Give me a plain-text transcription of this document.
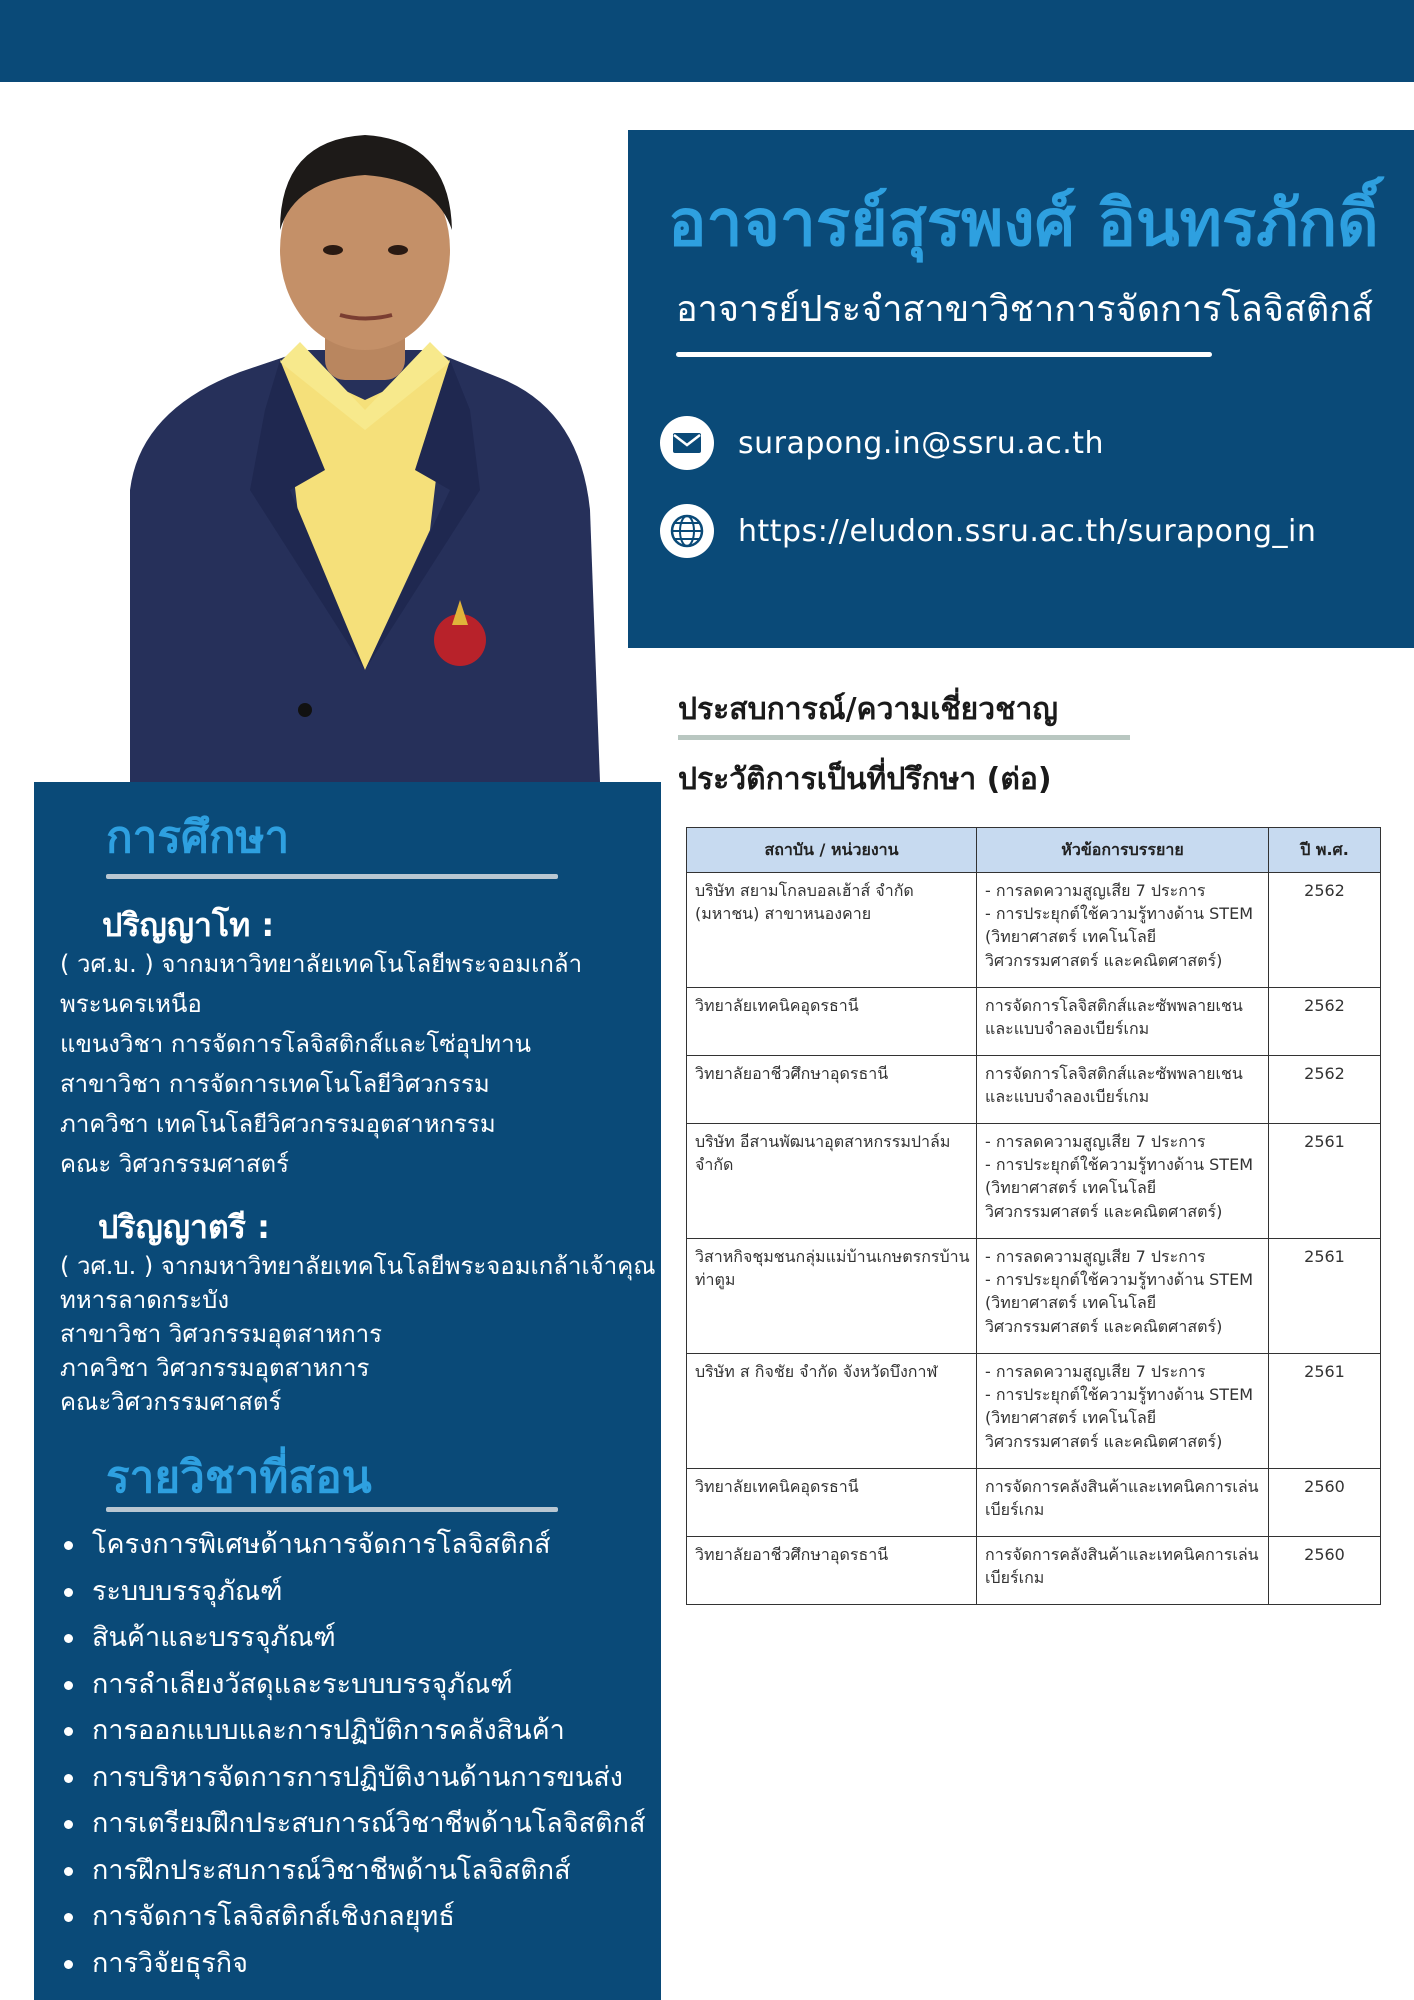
อาจารย์สุรพงศ์ อินทรภักดิ์
อาจารย์ประจำสาขาวิชาการจัดการโลจิสติกส์
surapong.in@ssru.ac.th
https://eludon.ssru.ac.th/surapong_in
การศึกษา
ปริญญาโท :
( วศ.ม. ) จากมหาวิทยาลัยเทคโนโลยีพระจอมเกล้า
พระนครเหนือ
แขนงวิชา การจัดการโลจิสติกส์และโซ่อุปทาน
สาขาวิชา การจัดการเทคโนโลยีวิศวกรรม
ภาควิชา เทคโนโลยีวิศวกรรมอุตสาหกรรม
คณะ วิศวกรรมศาสตร์
ปริญญาตรี :
( วศ.บ. ) จากมหาวิทยาลัยเทคโนโลยีพระจอมเกล้าเจ้าคุณ
ทหารลาดกระบัง
สาขาวิชา วิศวกรรมอุตสาหการ
ภาควิชา วิศวกรรมอุตสาหการ
คณะวิศวกรรมศาสตร์
รายวิชาที่สอน
โครงการพิเศษด้านการจัดการโลจิสติกส์
ระบบบรรจุภัณฑ์
สินค้าและบรรจุภัณฑ์
การลำเลียงวัสดุและระบบบรรจุภัณฑ์
การออกแบบและการปฏิบัติการคลังสินค้า
การบริหารจัดการการปฏิบัติงานด้านการขนส่ง
การเตรียมฝึกประสบการณ์วิชาชีพด้านโลจิสติกส์
การฝึกประสบการณ์วิชาชีพด้านโลจิสติกส์
การจัดการโลจิสติกส์เชิงกลยุทธ์
การวิจัยธุรกิจ
ประสบการณ์/ความเชี่ยวชาญ
ประวัติการเป็นที่ปรึกษา (ต่อ)
สถาบัน / หน่วยงาน	หัวข้อการบรรยาย	ปี พ.ศ.

บริษัท สยามโกลบอลเฮ้าส์ จำกัด
(มหาชน) สาขาหนองคาย	- การลดความสูญเสีย 7 ประการ
- การประยุกต์ใช้ความรู้ทางด้าน STEM
(วิทยาศาสตร์ เทคโนโลยี
วิศวกรรมศาสตร์ และคณิตศาสตร์)	2562

วิทยาลัยเทคนิคอุดรธานี	การจัดการโลจิสติกส์และซัพพลายเชน
และแบบจำลองเบียร์เกม	2562

วิทยาลัยอาชีวศึกษาอุดรธานี	การจัดการโลจิสติกส์และซัพพลายเชน
และแบบจำลองเบียร์เกม	2562

บริษัท อีสานพัฒนาอุตสาหกรรมปาล์ม
จำกัด	- การลดความสูญเสีย 7 ประการ
- การประยุกต์ใช้ความรู้ทางด้าน STEM
(วิทยาศาสตร์ เทคโนโลยี
วิศวกรรมศาสตร์ และคณิตศาสตร์)	2561

วิสาหกิจชุมชนกลุ่มแม่บ้านเกษตรกรบ้าน
ท่าตูม	- การลดความสูญเสีย 7 ประการ
- การประยุกต์ใช้ความรู้ทางด้าน STEM
(วิทยาศาสตร์ เทคโนโลยี
วิศวกรรมศาสตร์ และคณิตศาสตร์)	2561

บริษัท ส กิจชัย จำกัด จังหวัดบึงกาฬ	- การลดความสูญเสีย 7 ประการ
- การประยุกต์ใช้ความรู้ทางด้าน STEM
(วิทยาศาสตร์ เทคโนโลยี
วิศวกรรมศาสตร์ และคณิตศาสตร์)	2561

วิทยาลัยเทคนิคอุดรธานี	การจัดการคลังสินค้าและเทคนิคการเล่น
เบียร์เกม	2560

วิทยาลัยอาชีวศึกษาอุดรธานี	การจัดการคลังสินค้าและเทคนิคการเล่น
เบียร์เกม	2560
